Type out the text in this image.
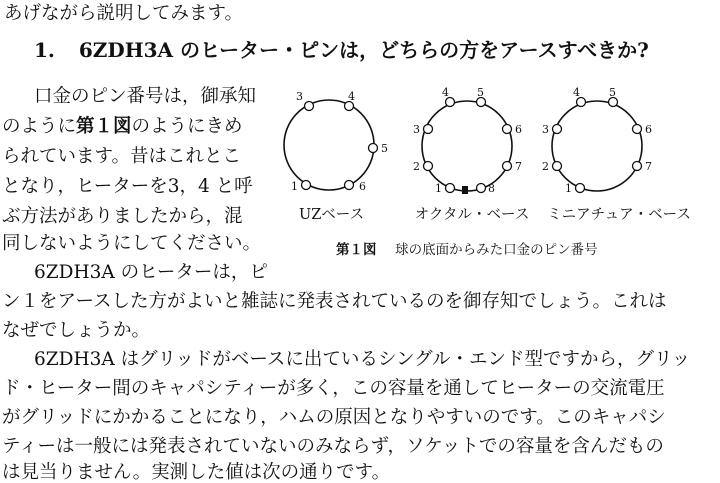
あげながら説明してみます。
1. 6ZDH3A のヒーター・ピンは，どちらの方をアースすべきか?
口金のピン番号は，御承知
のように第１図のようにきめ
られています。昔はこれとこ
となり，ヒーターを3，4 と呼
ぶ方法がありましたから，混
同しないようにしてください。
6ZDH3A のヒーターは，ピ
ン１をアースした方がよいと雑誌に発表されているのを御存知でしょう。これは
なぜでしょうか。
6ZDH3A はグリッドがベースに出ているシングル・エンド型ですから，グリッ
ド・ヒーター間のキャパシティーが多く，この容量を通してヒーターの交流電圧
がグリッドにかかることになり，ハムの原因となりやすいのです。このキャパシ
ティーは一般には発表されていないのみならず，ソケットでの容量を含んだもの
は見当りません。実測した値は次の通りです。
3	4
5
6
1
4	5
3	6
2	7
1	8
4	5
3	6
2	7
1
UZベース	オクタル・ベース	ミニアチュア・ベース
第１図 球の底面からみた口金のピン番号
